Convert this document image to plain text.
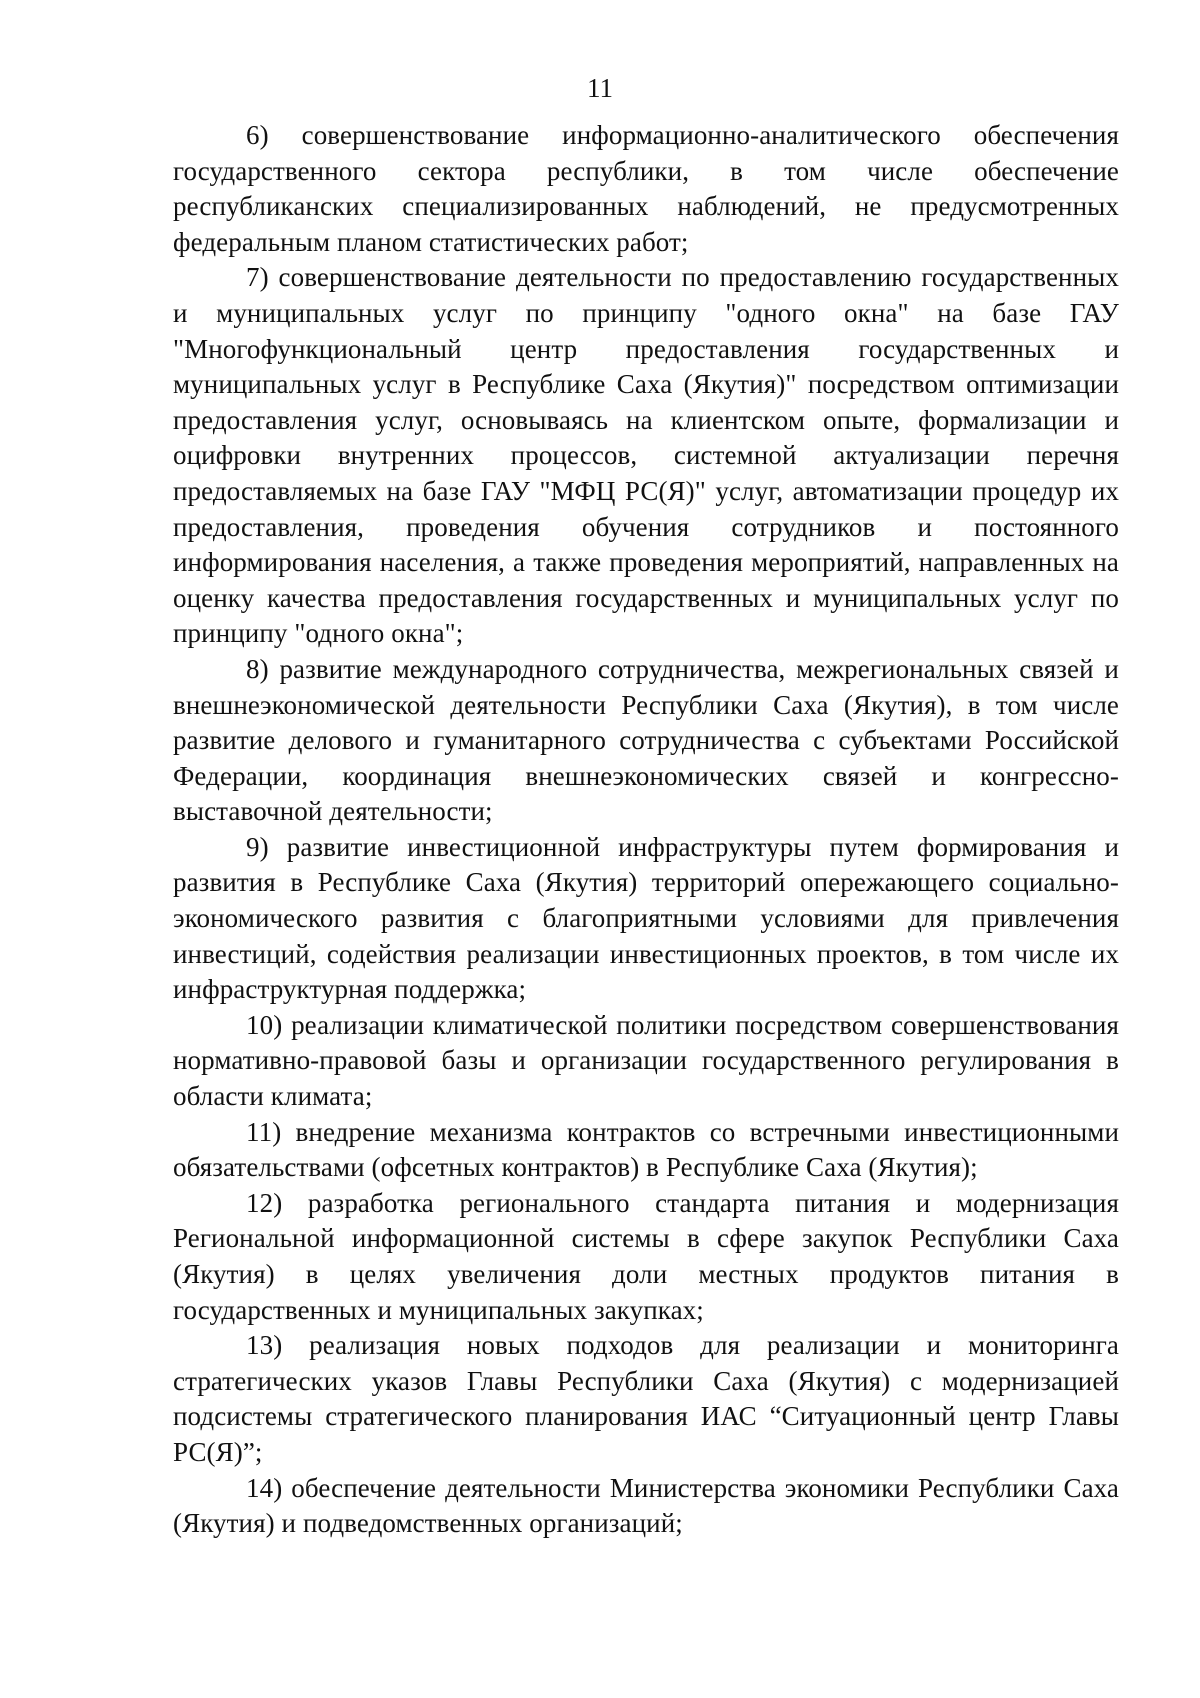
11

6) совершенствование информационно-аналитического обеспечения государственного сектора республики, в том числе обеспечение республиканских специализированных наблюдений, не предусмотренных федеральным планом статистических работ;

7) совершенствование деятельности по предоставлению государственных и муниципальных услуг по принципу "одного окна" на базе ГАУ "Многофункциональный центр предоставления государственных и муниципальных услуг в Республике Саха (Якутия)" посредством оптимизации предоставления услуг, основываясь на клиентском опыте, формализации и оцифровки внутренних процессов, системной актуализации перечня предоставляемых на базе ГАУ "МФЦ РС(Я)" услуг, автоматизации процедур их предоставления, проведения обучения сотрудников и постоянного информирования населения, а также проведения мероприятий, направленных на оценку качества предоставления государственных и муниципальных услуг по принципу "одного окна";

8) развитие международного сотрудничества, межрегиональных связей и внешнеэкономической деятельности Республики Саха (Якутия), в том числе развитие делового и гуманитарного сотрудничества с субъектами Российской Федерации, координация внешнеэкономических связей и конгрессно-выставочной деятельности;

9) развитие инвестиционной инфраструктуры путем формирования и развития в Республике Саха (Якутия) территорий опережающего социально-экономического развития с благоприятными условиями для привлечения инвестиций, содействия реализации инвестиционных проектов, в том числе их инфраструктурная поддержка;

10) реализации климатической политики посредством совершенствования нормативно-правовой базы и организации государственного регулирования в области климата;

11) внедрение механизма контрактов со встречными инвестиционными обязательствами (офсетных контрактов) в Республике Саха (Якутия);

12) разработка регионального стандарта питания и модернизация Региональной информационной системы в сфере закупок Республики Саха (Якутия) в целях увеличения доли местных продуктов питания в государственных и муниципальных закупках;

13) реализация новых подходов для реализации и мониторинга стратегических указов Главы Республики Саха (Якутия) с модернизацией подсистемы стратегического планирования ИАС “Ситуационный центр Главы РС(Я)”;

14) обеспечение деятельности Министерства экономики Республики Саха (Якутия) и подведомственных организаций;
